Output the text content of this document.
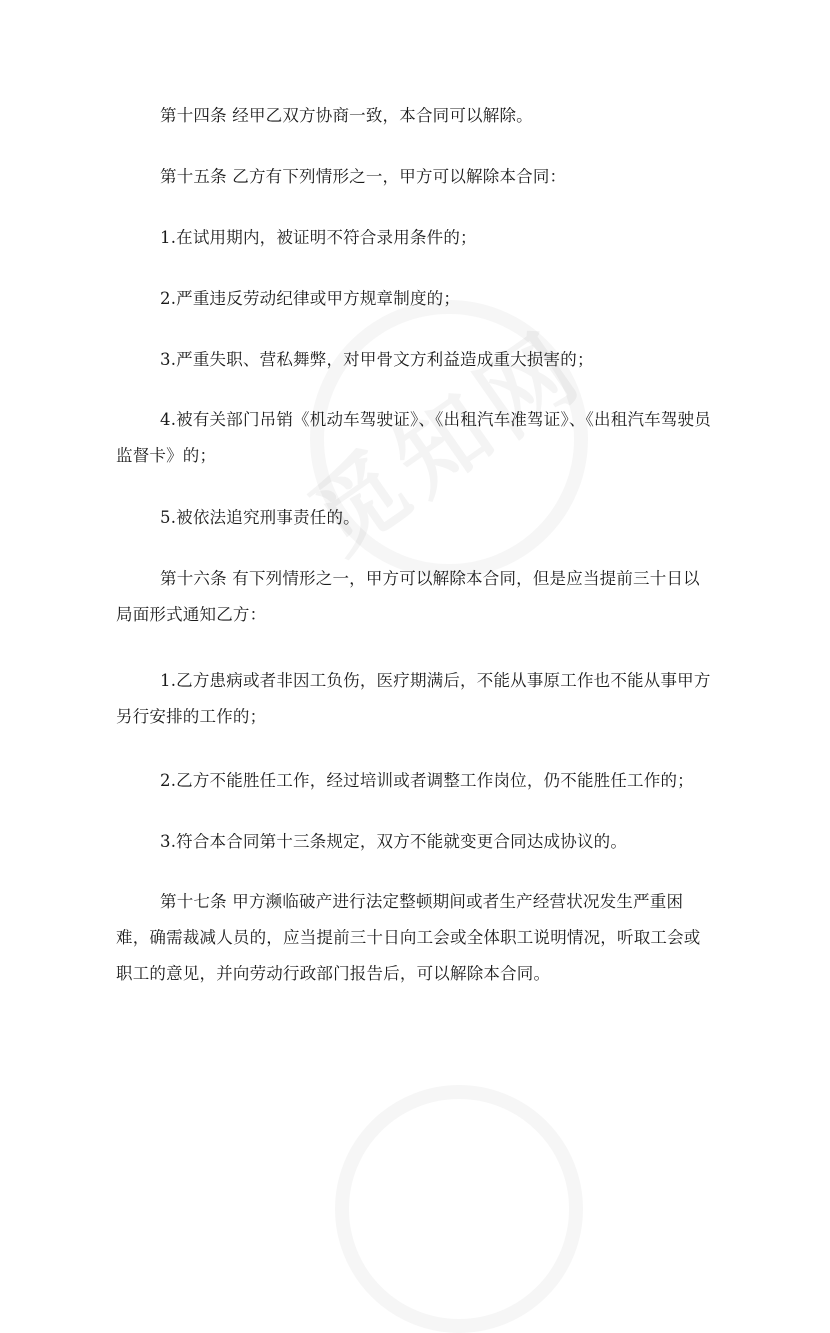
第十四条 经甲乙双方协商一致，本合同可以解除。

第十五条 乙方有下列情形之一，甲方可以解除本合同：

1.在试用期内，被证明不符合录用条件的；

2.严重违反劳动纪律或甲方规章制度的；

3.严重失职、营私舞弊，对甲骨文方利益造成重大损害的；

4.被有关部门吊销《机动车驾驶证》、《出租汽车准驾证》、《出租汽车驾驶员监督卡》的；

5.被依法追究刑事责任的。

第十六条 有下列情形之一，甲方可以解除本合同，但是应当提前三十日以局面形式通知乙方：

1.乙方患病或者非因工负伤，医疗期满后，不能从事原工作也不能从事甲方另行安排的工作的；

2.乙方不能胜任工作，经过培训或者调整工作岗位，仍不能胜任工作的；

3.符合本合同第十三条规定，双方不能就变更合同达成协议的。

第十七条 甲方濒临破产进行法定整顿期间或者生产经营状况发生严重困难，确需裁减人员的，应当提前三十日向工会或全体职工说明情况，听取工会或职工的意见，并向劳动行政部门报告后，可以解除本合同。
